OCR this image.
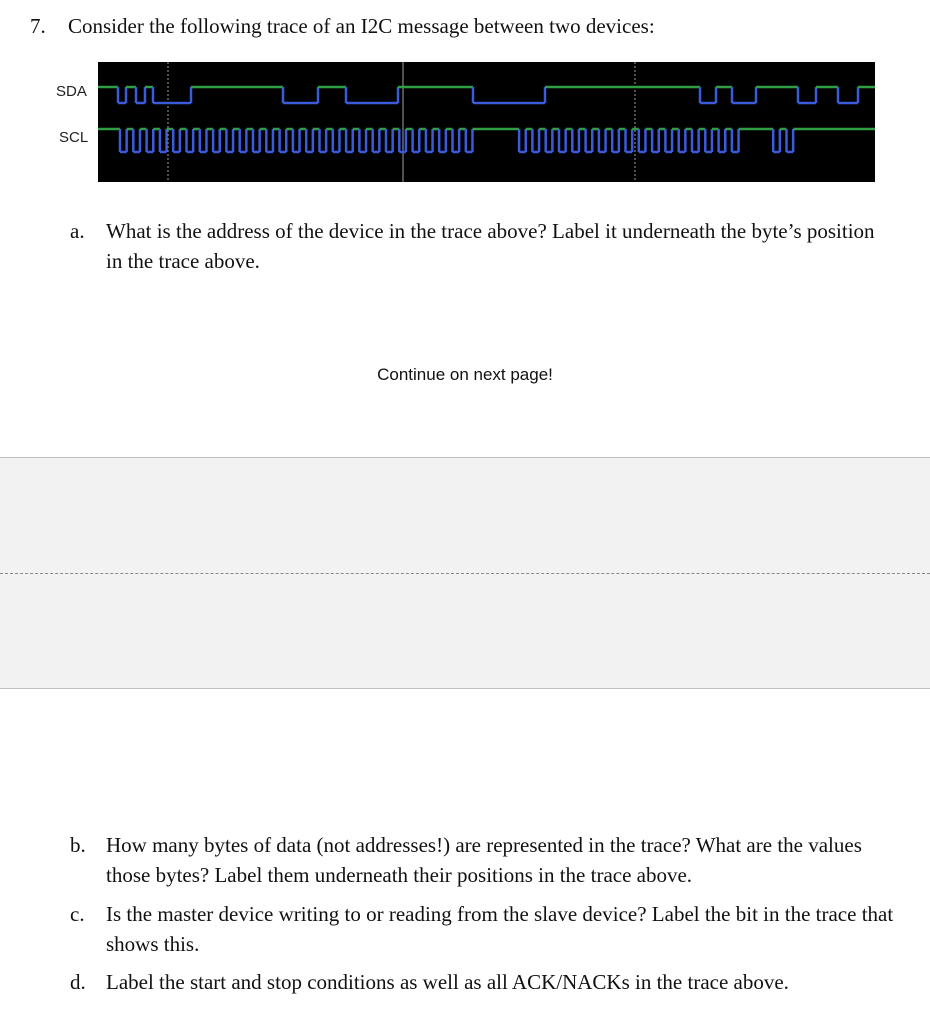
7. Consider the following trace of an I2C message between two devices:
SDA
SCL
a.	What is the address of the device in the trace above? Label it underneath the byte’s position in the trace above.
Continue on next page!
b. How many bytes of data (not addresses!) are represented in the trace? What are the values those bytes? Label them underneath their positions in the trace above.
c.	Is the master device writing to or reading from the slave device? Label the bit in the trace that shows this.
d. Label the start and stop conditions as well as all ACK/NACKs in the trace above.
